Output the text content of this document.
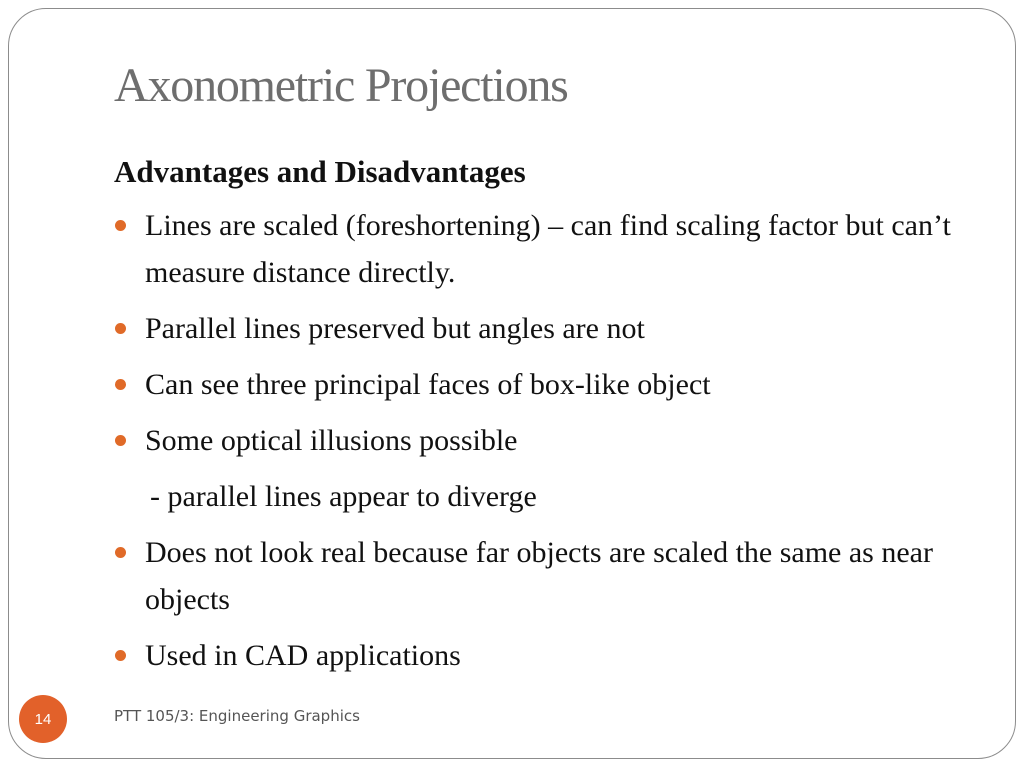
Axonometric Projections
Advantages and Disadvantages
Lines are scaled (foreshortening) – can find scaling factor but can’t measure distance directly.
Parallel lines preserved but angles are not
Can see three principal faces of box-like object
Some optical illusions possible
- parallel lines appear to diverge
Does not look real because far objects are scaled the same as near objects
Used in CAD applications
14	PTT 105/3: Engineering Graphics
